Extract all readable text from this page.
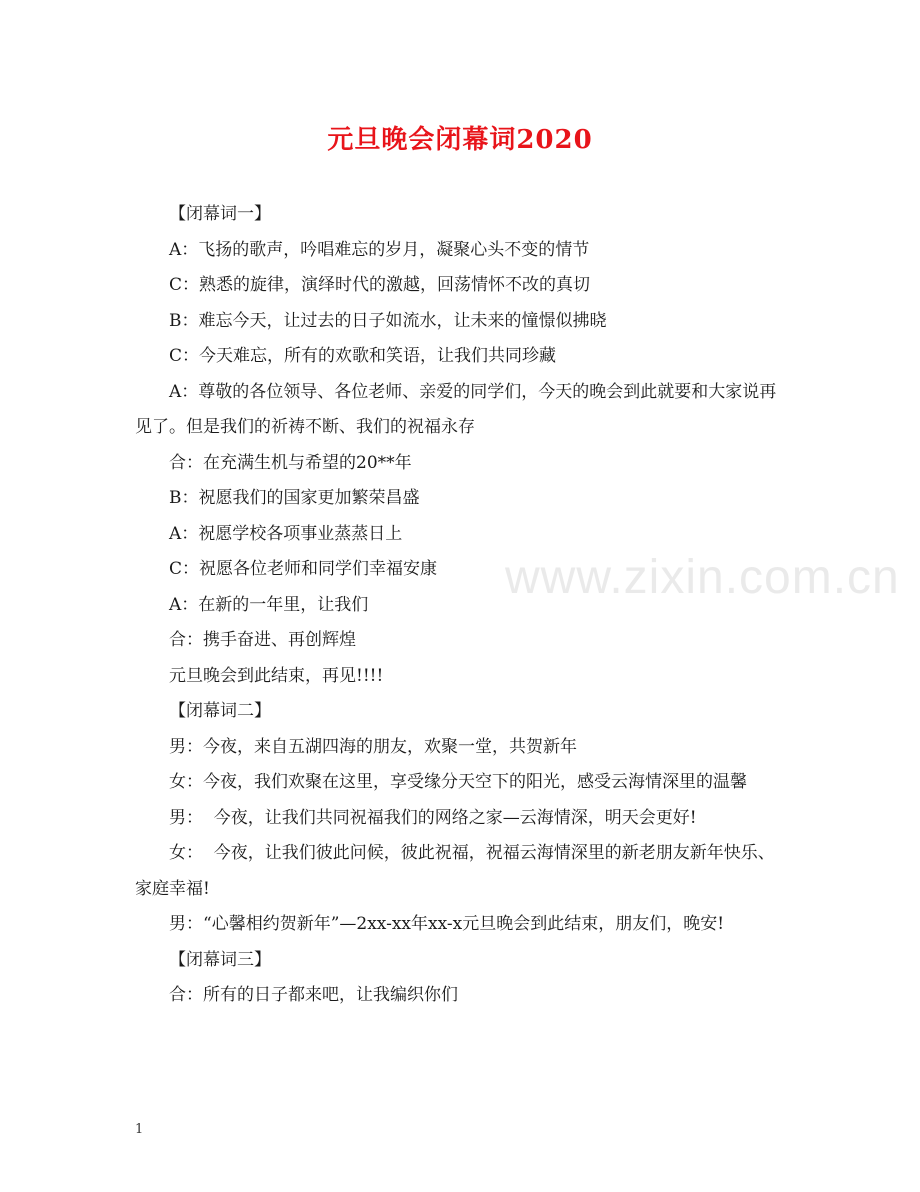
元旦晚会闭幕词2020

【闭幕词一】

A：飞扬的歌声，吟唱难忘的岁月，凝聚心头不变的情节

C：熟悉的旋律，演绎时代的激越，回荡情怀不改的真切

B：难忘今天，让过去的日子如流水，让未来的憧憬似拂晓

C：今天难忘，所有的欢歌和笑语，让我们共同珍藏

A：尊敬的各位领导、各位老师、亲爱的同学们，今天的晚会到此就要和大家说再见了。但是我们的祈祷不断、我们的祝福永存

合：在充满生机与希望的20**年

B：祝愿我们的国家更加繁荣昌盛

A：祝愿学校各项事业蒸蒸日上

C：祝愿各位老师和同学们幸福安康

A：在新的一年里，让我们

合：携手奋进、再创辉煌

元旦晚会到此结束，再见!!!!

【闭幕词二】

男：今夜，来自五湖四海的朋友，欢聚一堂，共贺新年

女：今夜，我们欢聚在这里，享受缘分天空下的阳光，感受云海情深里的温馨

男：  今夜，让我们共同祝福我们的网络之家—云海情深，明天会更好!

女：  今夜，让我们彼此问候，彼此祝福，祝福云海情深里的新老朋友新年快乐、家庭幸福!

男：“心馨相约贺新年”—2xx-xx年xx-x元旦晚会到此结束，朋友们，晚安!

【闭幕词三】

合：所有的日子都来吧，让我编织你们

www.zixin.com.cn
1
